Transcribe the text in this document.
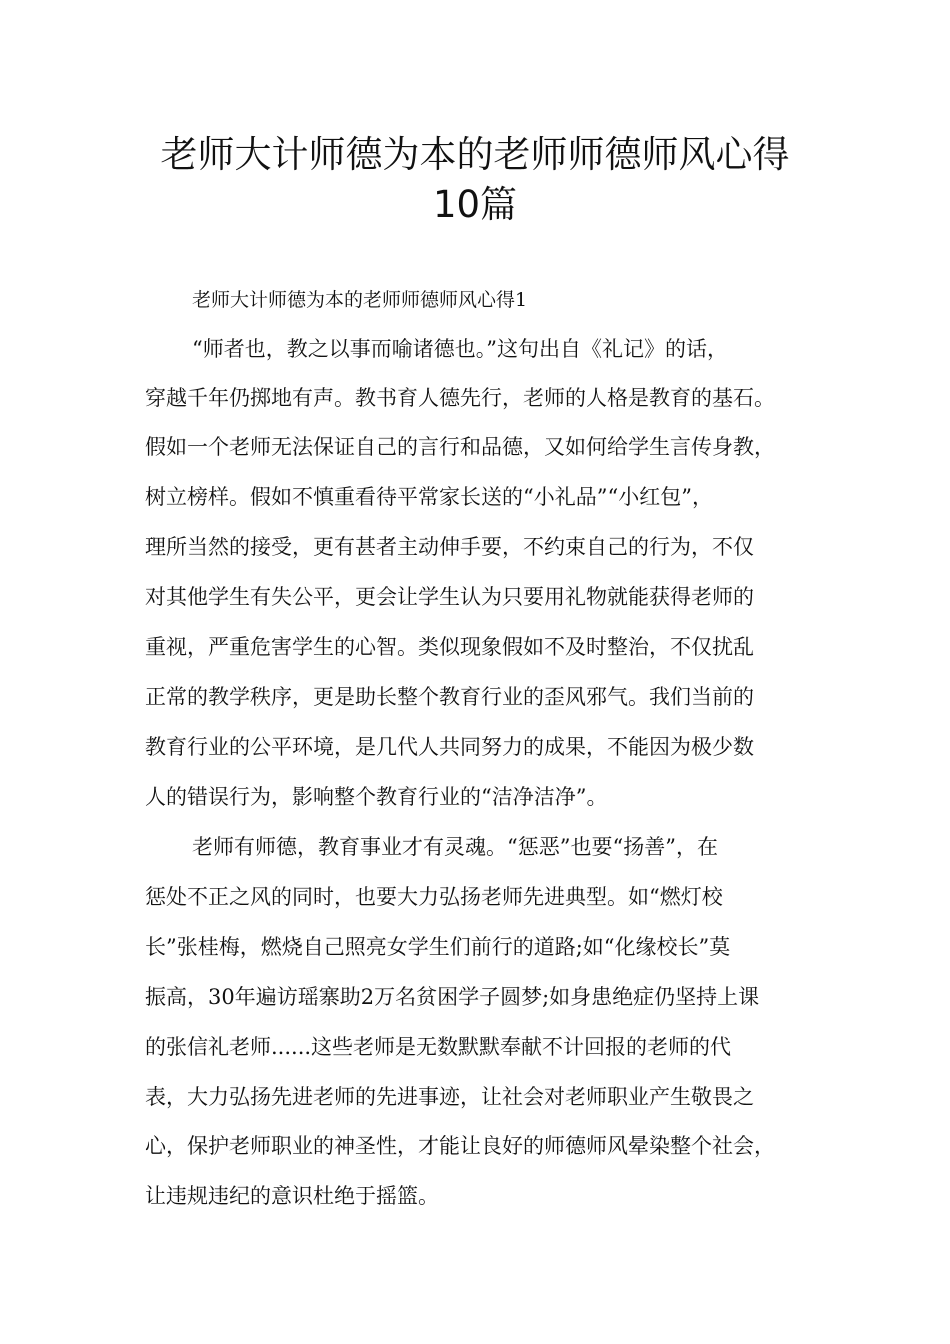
老师大计师德为本的老师师德师风心得
10篇
老师大计师德为本的老师师德师风心得1
“师者也，教之以事而喻诸德也。”这句出自《礼记》的话，
穿越千年仍掷地有声。教书育人德先行，老师的人格是教育的基石。
假如一个老师无法保证自己的言行和品德，又如何给学生言传身教，
树立榜样。假如不慎重看待平常家长送的“小礼品”“小红包”，
理所当然的接受，更有甚者主动伸手要，不约束自己的行为，不仅
对其他学生有失公平，更会让学生认为只要用礼物就能获得老师的
重视，严重危害学生的心智。类似现象假如不及时整治，不仅扰乱
正常的教学秩序，更是助长整个教育行业的歪风邪气。我们当前的
教育行业的公平环境，是几代人共同努力的成果，不能因为极少数
人的错误行为，影响整个教育行业的“洁净洁净”。
老师有师德，教育事业才有灵魂。“惩恶”也要“扬善”，在
惩处不正之风的同时，也要大力弘扬老师先进典型。如“燃灯校
长”张桂梅，燃烧自己照亮女学生们前行的道路;如“化缘校长”莫
振高，30年遍访瑶寨助2万名贫困学子圆梦;如身患绝症仍坚持上课
的张信礼老师......这些老师是无数默默奉献不计回报的老师的代
表，大力弘扬先进老师的先进事迹，让社会对老师职业产生敬畏之
心，保护老师职业的神圣性，才能让良好的师德师风晕染整个社会，
让违规违纪的意识杜绝于摇篮。
